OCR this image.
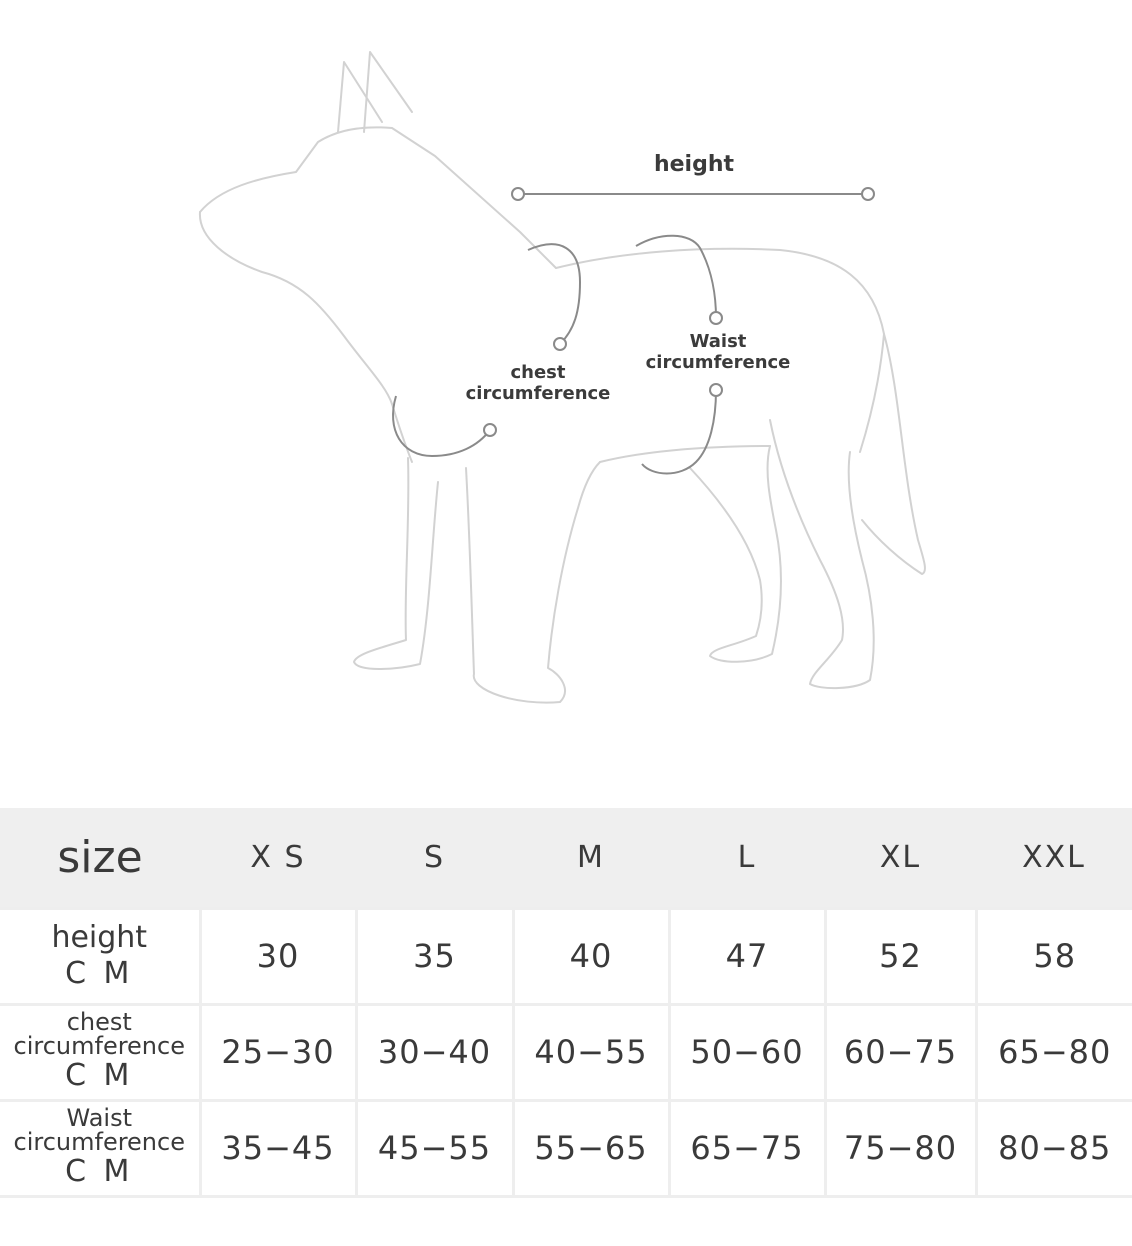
height
chest
circumference
Waist
circumference
size	X S	S	M	L	XL	XXL

height
C M	30	35	40	47	52	58

chest
circumference
C M	25−30	30−40	40−55	50−60	60−75	65−80

Waist
circumference
C M	35−45	45−55	55−65	65−75	75−80	80−85
